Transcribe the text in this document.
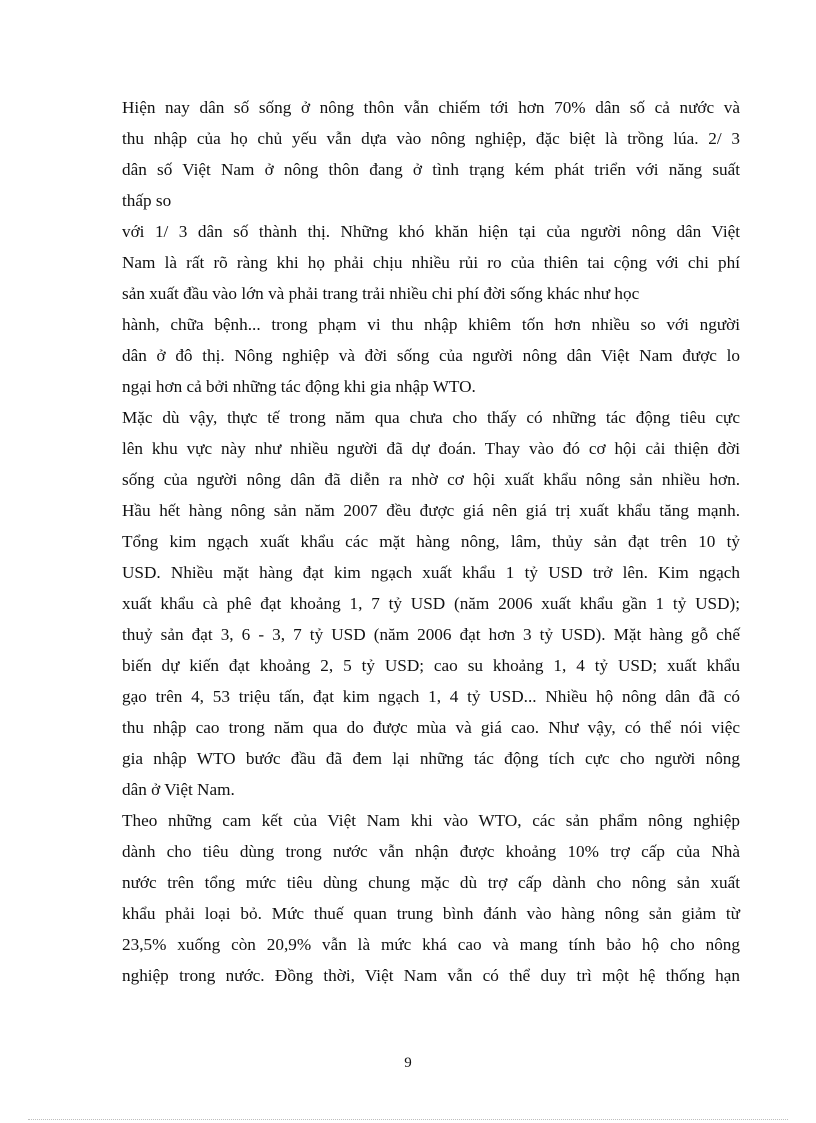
Hiện nay dân số sống ở nông thôn vẫn chiếm tới hơn 70% dân số cả nước và
thu nhập của họ chủ yếu vẫn dựa vào nông nghiệp, đặc biệt là trồng lúa. 2/ 3
dân số Việt Nam ở nông thôn đang ở tình trạng kém phát triển với năng suất
thấp so
với 1/ 3 dân số thành thị. Những khó khăn hiện tại của người nông dân Việt
Nam là rất rõ ràng khi họ phải chịu nhiều rủi ro của thiên tai cộng với chi phí
sản xuất đầu vào lớn và phải trang trải nhiều chi phí đời sống khác như học
hành, chữa bệnh... trong phạm vi thu nhập khiêm tốn hơn nhiều so với người
dân ở đô thị. Nông nghiệp và đời sống của người nông dân Việt Nam được lo
ngại hơn cả bởi những tác động khi gia nhập WTO.
Mặc dù vậy, thực tế trong năm qua chưa cho thấy có những tác động tiêu cực
lên khu vực này như nhiều người đã dự đoán. Thay vào đó cơ hội cải thiện đời
sống của người nông dân đã diễn ra nhờ cơ hội xuất khẩu nông sản nhiều hơn.
Hầu hết hàng nông sản năm 2007 đều được giá nên giá trị xuất khẩu tăng mạnh.
Tổng kim ngạch xuất khẩu các mặt hàng nông, lâm, thủy sản đạt trên 10 tỷ
USD. Nhiều mặt hàng đạt kim ngạch xuất khẩu 1 tỷ USD trở lên. Kim ngạch
xuất khẩu cà phê đạt khoảng 1, 7 tỷ USD (năm 2006 xuất khẩu gần 1 tỷ USD);
thuỷ sản đạt 3, 6 - 3, 7 tỷ USD (năm 2006 đạt hơn 3 tỷ USD). Mặt hàng gỗ chế
biến dự kiến đạt khoảng 2, 5 tỷ USD; cao su khoảng 1, 4 tỷ USD; xuất khẩu
gạo trên 4, 53 triệu tấn, đạt kim ngạch 1, 4 tỷ USD... Nhiều hộ nông dân đã có
thu nhập cao trong năm qua do được mùa và giá cao. Như vậy, có thể nói việc
gia nhập WTO bước đầu đã đem lại những tác động tích cực cho người nông
dân ở Việt Nam.
Theo những cam kết của Việt Nam khi vào WTO, các sản phẩm nông nghiệp
dành cho tiêu dùng trong nước vẫn nhận được khoảng 10% trợ cấp của Nhà
nước trên tổng mức tiêu dùng chung mặc dù trợ cấp dành cho nông sản xuất
khẩu phải loại bỏ. Mức thuế quan trung bình đánh vào hàng nông sản giảm từ
23,5% xuống còn 20,9% vẫn là mức khá cao và mang tính bảo hộ cho nông
nghiệp trong nước. Đồng thời, Việt Nam vẫn có thể duy trì một hệ thống hạn
9
